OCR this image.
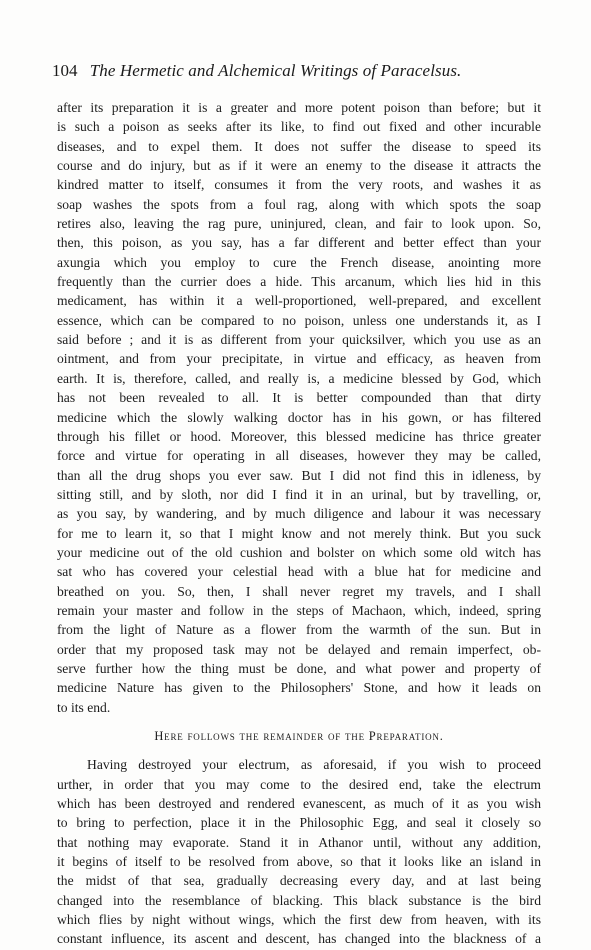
104 The Hermetic and Alchemical Writings of Paracelsus.
after its preparation it is a greater and more potent poison than before; but it
is such a poison as seeks after its like, to find out fixed and other incurable
diseases, and to expel them. It does not suffer the disease to speed its
course and do injury, but as if it were an enemy to the disease it attracts the
kindred matter to itself, consumes it from the very roots, and washes it as
soap washes the spots from a foul rag, along with which spots the soap
retires also, leaving the rag pure, uninjured, clean, and fair to look upon. So,
then, this poison, as you say, has a far different and better effect than your
axungia which you employ to cure the French disease, anointing more
frequently than the currier does a hide. This arcanum, which lies hid in this
medicament, has within it a well-proportioned, well-prepared, and excellent
essence, which can be compared to no poison, unless one understands it, as I
said before ; and it is as different from your quicksilver, which you use as an
ointment, and from your precipitate, in virtue and efficacy, as heaven from
earth. It is, therefore, called, and really is, a medicine blessed by God, which
has not been revealed to all. It is better compounded than that dirty
medicine which the slowly walking doctor has in his gown, or has filtered
through his fillet or hood. Moreover, this blessed medicine has thrice greater
force and virtue for operating in all diseases, however they may be called,
than all the drug shops you ever saw. But I did not find this in idleness, by
sitting still, and by sloth, nor did I find it in an urinal, but by travelling, or,
as you say, by wandering, and by much diligence and labour it was necessary
for me to learn it, so that I might know and not merely think. But you suck
your medicine out of the old cushion and bolster on which some old witch has
sat who has covered your celestial head with a blue hat for medicine and
breathed on you. So, then, I shall never regret my travels, and I shall
remain your master and follow in the steps of Machaon, which, indeed, spring
from the light of Nature as a flower from the warmth of the sun. But in
order that my proposed task may not be delayed and remain imperfect, ob-
serve further how the thing must be done, and what power and property of
medicine Nature has given to the Philosophers' Stone, and how it leads on
to its end.
Here follows the remainder of the Preparation.
Having destroyed your electrum, as aforesaid, if you wish to proceed
urther, in order that you may come to the desired end, take the electrum
which has been destroyed and rendered evanescent, as much of it as you wish
to bring to perfection, place it in the Philosophic Egg, and seal it closely so
that nothing may evaporate. Stand it in Athanor until, without any addition,
it begins of itself to be resolved from above, so that it looks like an island in
the midst of that sea, gradually decreasing every day, and at last being
changed into the resemblance of blacking. This black substance is the bird
which flies by night without wings, which the first dew from heaven, with its
constant influence, its ascent and descent, has changed into the blackness of a
